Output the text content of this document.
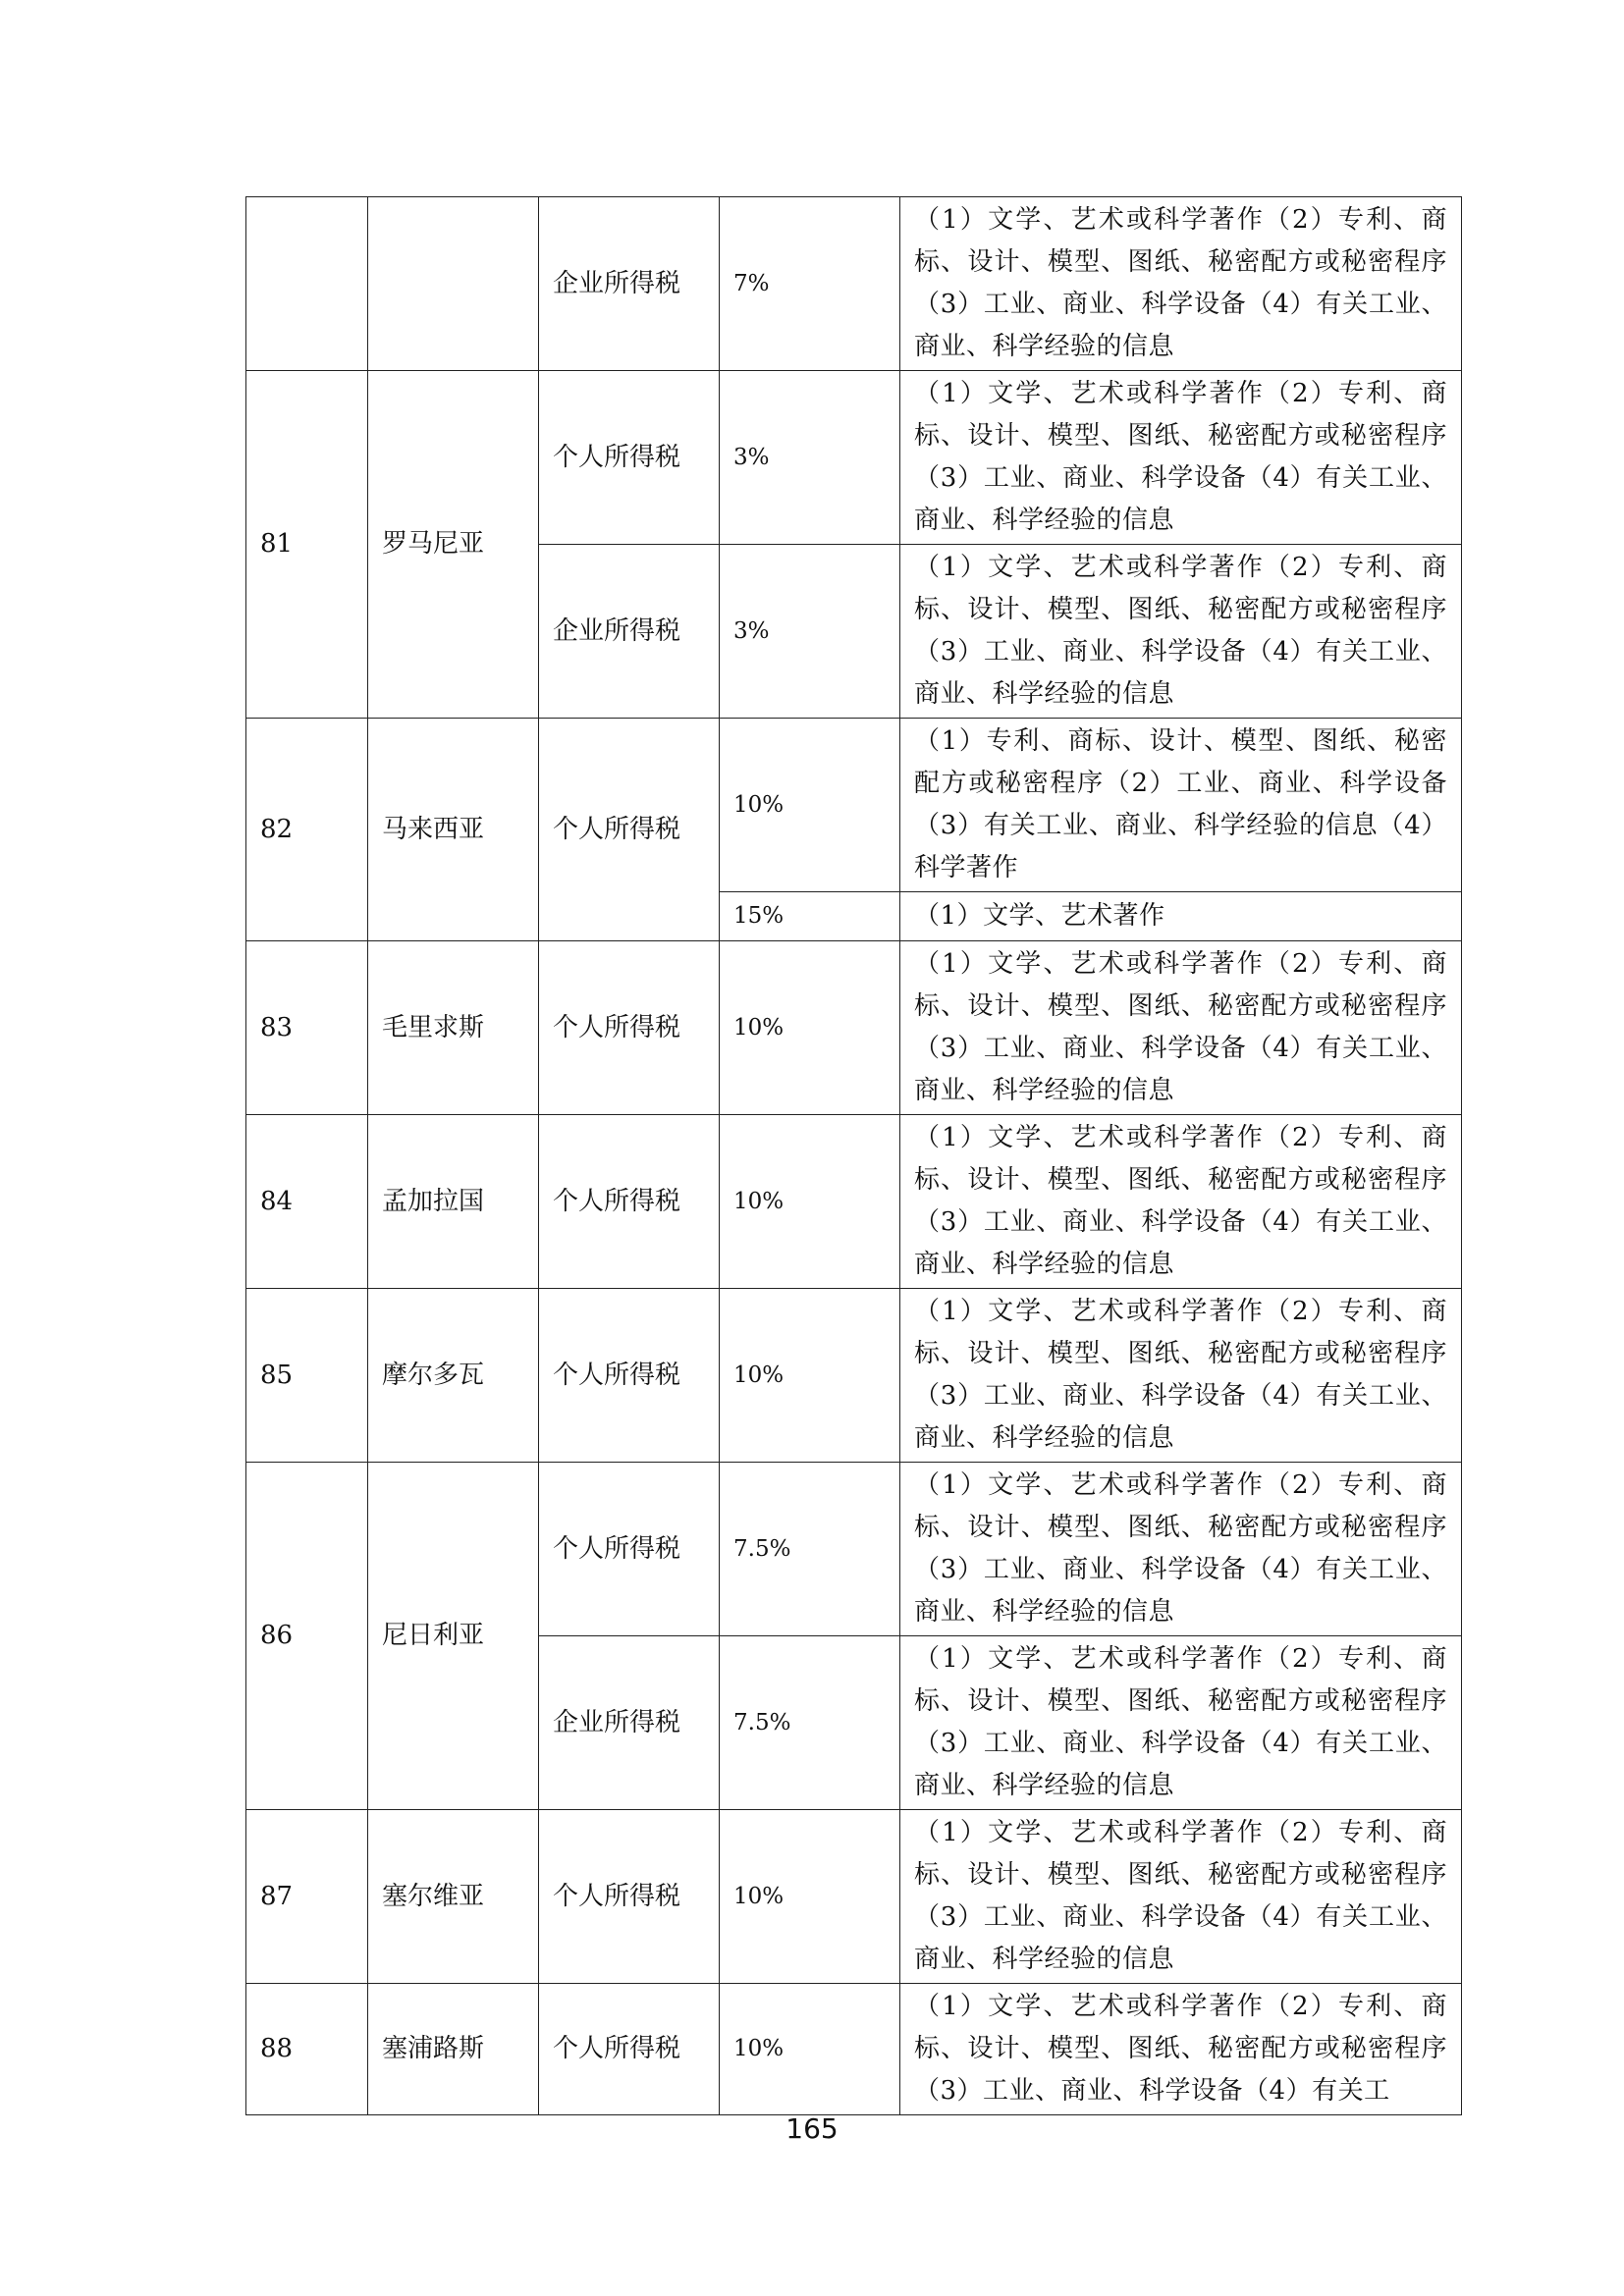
		企业所得税	7%	（1）文学、艺术或科学著作（2）专利、商标、设计、模型、图纸、秘密配方或秘密程序（3）工业、商业、科学设备（4）有关工业、商业、科学经验的信息
81	罗马尼亚	个人所得税	3%	（1）文学、艺术或科学著作（2）专利、商标、设计、模型、图纸、秘密配方或秘密程序（3）工业、商业、科学设备（4）有关工业、商业、科学经验的信息
		企业所得税	3%	（1）文学、艺术或科学著作（2）专利、商标、设计、模型、图纸、秘密配方或秘密程序（3）工业、商业、科学设备（4）有关工业、商业、科学经验的信息
82	马来西亚	个人所得税	10%	（1）专利、商标、设计、模型、图纸、秘密配方或秘密程序（2）工业、商业、科学设备（3）有关工业、商业、科学经验的信息（4）科学著作
			15%	（1）文学、艺术著作
83	毛里求斯	个人所得税	10%	（1）文学、艺术或科学著作（2）专利、商标、设计、模型、图纸、秘密配方或秘密程序（3）工业、商业、科学设备（4）有关工业、商业、科学经验的信息
84	孟加拉国	个人所得税	10%	（1）文学、艺术或科学著作（2）专利、商标、设计、模型、图纸、秘密配方或秘密程序（3）工业、商业、科学设备（4）有关工业、商业、科学经验的信息
85	摩尔多瓦	个人所得税	10%	（1）文学、艺术或科学著作（2）专利、商标、设计、模型、图纸、秘密配方或秘密程序（3）工业、商业、科学设备（4）有关工业、商业、科学经验的信息
86	尼日利亚	个人所得税	7.5%	（1）文学、艺术或科学著作（2）专利、商标、设计、模型、图纸、秘密配方或秘密程序（3）工业、商业、科学设备（4）有关工业、商业、科学经验的信息
		企业所得税	7.5%	（1）文学、艺术或科学著作（2）专利、商标、设计、模型、图纸、秘密配方或秘密程序（3）工业、商业、科学设备（4）有关工业、商业、科学经验的信息
87	塞尔维亚	个人所得税	10%	（1）文学、艺术或科学著作（2）专利、商标、设计、模型、图纸、秘密配方或秘密程序（3）工业、商业、科学设备（4）有关工业、商业、科学经验的信息
88	塞浦路斯	个人所得税	10%	（1）文学、艺术或科学著作（2）专利、商标、设计、模型、图纸、秘密配方或秘密程序（3）工业、商业、科学设备（4）有关工
165
